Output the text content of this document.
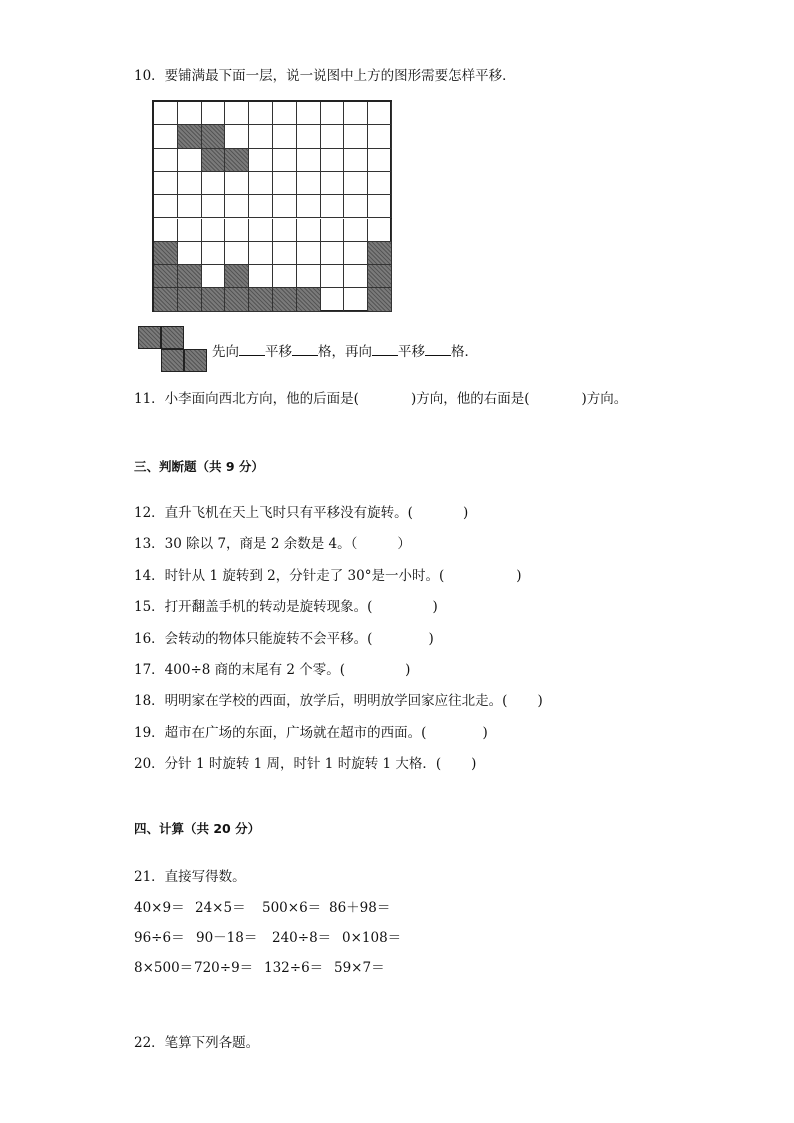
10．要铺满最下面一层，说一说图中上方的图形需要怎样平移．
先向 平移 格，再向 平移 格．
11．小李面向西北方向，他的后面是(	)方向，他的右面是(	)方向。
三、判断题（共 9 分）
12．直升飞机在天上飞时只有平移没有旋转。(	)
13．30 除以 7，商是 2 余数是 4。（	）
14．时针从 1 旋转到 2，分针走了 30°是一小时。(	)
15．打开翻盖手机的转动是旋转现象。(	)
16．会转动的物体只能旋转不会平移。(	)
17．400÷8 商的末尾有 2 个零。(	)
18．明明家在学校的西面，放学后，明明放学回家应往北走。( )
19．超市在广场的东面，广场就在超市的西面。(	)
20．分针 1 时旋转 1 周，时针 1 时旋转 1 大格．( )
四、计算（共 20 分）
21．直接写得数。
40×9＝ 24×5＝ 500×6＝ 86＋98＝
96÷6＝ 90－18＝ 240÷8＝ 0×108＝
8×500＝ 720÷9＝ 132÷6＝ 59×7＝
22．笔算下列各题。
